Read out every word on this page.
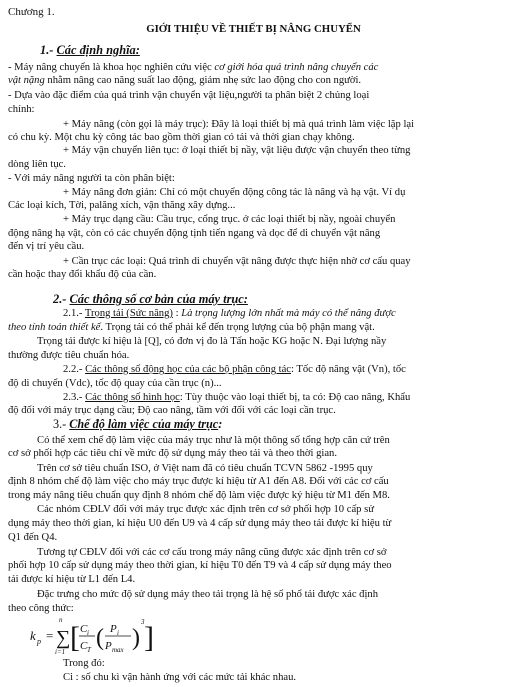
Chương 1.
GIỚI THIỆU VỀ THIẾT BỊ NÂNG CHUYỂN
1.- Các định nghĩa:
- Máy nâng chuyển là khoa học nghiên cứu việc cơ giới hóa quá trình nâng chuyển các
vật nặng nhằm nâng cao năng suất lao động, giảm nhẹ sức lao động cho con người.
- Dựa vào đặc điểm của quá trình vận chuyển vật liệu,người ta phân biệt 2 chủng loại
chính:
+ Máy nâng (còn gọi là máy trục): Đây là loại thiết bị mà quá trình làm việc lặp lại
có chu kỳ. Một chu kỳ công tác bao gồm thời gian có tải và thời gian chạy không.
+ Máy vận chuyển liên tục: ở loại thiết bị nầy, vật liệu được vận chuyển theo từng
dòng liên tục.
- Với máy nâng người ta còn phân biệt:
+ Máy nâng đơn giản: Chỉ có một chuyển động công tác là nâng và hạ vật. Ví dụ
Các loại kích, Tời, palăng xích, vận thăng xây dựng...
+ Máy trục dạng cầu: Cầu trục, cổng trục. ở các loại thiết bị nầy, ngoài chuyển
động nâng hạ vật, còn có các chuyển động tịnh tiến ngang và dọc để di chuyển vật nâng
đến vị trí yêu cầu.
+ Cần trục các loại: Quá trình di chuyển vật nâng được thực hiện nhờ cơ cấu quay
cần hoặc thay đổi khẩu độ của cần.
2.- Các thông số cơ bản của máy trục:
2.1.- Trọng tải (Sức nâng) : Là trọng lượng lớn nhất mà máy có thể nâng được
theo tính toán thiết kế. Trọng tải có thể phải kể đến trọng lượng của bộ phận mang vật.
Trọng tải được kí hiệu là [Q], có đơn vị đo là Tấn hoặc KG hoặc N. Đại lượng nầy
thường được tiêu chuẩn hóa.
2.2.- Các thông số động học của các bộ phận công tác: Tốc độ nâng vật (Vn), tốc
độ di chuyển (Vdc), tốc độ quay của cần trục (n)...
2.3.- Các thông số hình học: Tùy thuộc vào loại thiết bị, ta có: Độ cao nâng, Khẩu
độ đối với máy trục dạng cầu; Độ cao nâng, tầm với đối với các loại cần trục.
3.- Chế độ làm việc của máy trục:
Có thể xem chế độ làm việc của máy trục như là một thông số tổng hợp căn cứ trên
cơ sở phối hợp các tiêu chí về mức độ sử dụng máy theo tải và theo thời gian.
Trên cơ sở tiêu chuẩn ISO, ở Việt nam đã có tiêu chuẩn TCVN 5862 -1995 quy
định 8 nhóm chế độ làm việc cho máy trục được kí hiệu từ A1 đến A8. Đối với các cơ cấu
trong máy nâng tiêu chuẩn quy định 8 nhóm chế độ làm việc được ký hiệu từ M1 đến M8.
Các nhóm CĐLV đối với máy trục được xác định trên cơ sở phối hợp 10 cấp sử
dụng máy theo thời gian, kí hiệu U0 đến U9 và 4 cấp sử dụng máy theo tải được kí hiệu từ
Q1 đến Q4.
Tương tự CĐLV đối với các cơ cấu trong máy nâng cũng được xác định trên cơ sở
phối hợp 10 cấp sử dụng máy theo thời gian, kí hiệu T0 đến T9 và 4 cấp sử dụng máy theo
tải được kí hiệu từ L1 đến L4.
Đặc trưng cho mức độ sử dụng máy theo tải trọng là hệ số phổ tải được xác định
theo công thức:
k p =
n
∑
i=1 [ C i
C T ( P i
P max )
3 ]
Trong đó:
Ci : số chu kì vận hành ứng với các mức tải khác nhau.
